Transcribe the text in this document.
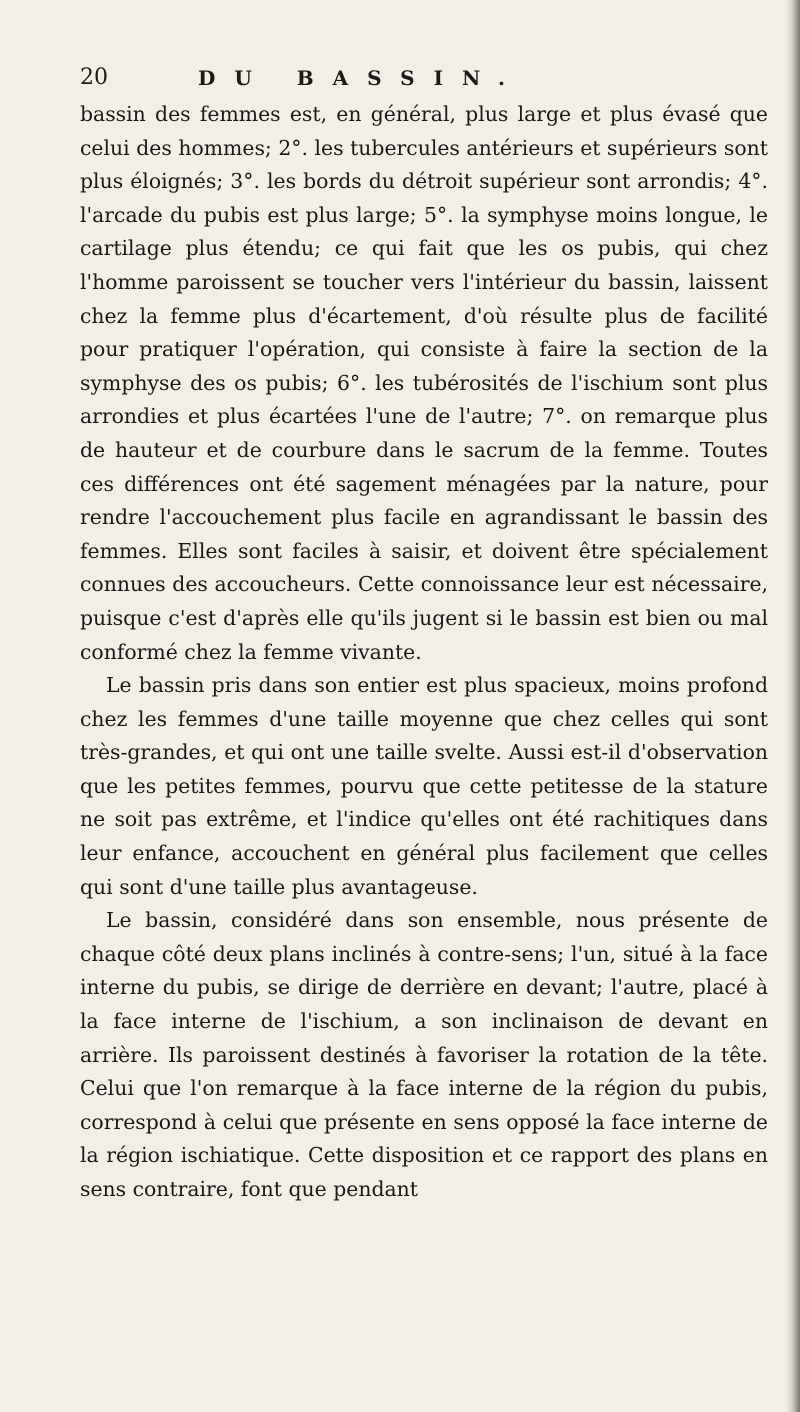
20	DU BASSIN.

bassin des femmes est, en général, plus large et plus évasé que celui des hommes; 2°. les tubercules antérieurs et supérieurs sont plus éloignés; 3°. les bords du détroit supérieur sont arrondis; 4°. l'arcade du pubis est plus large; 5°. la symphyse moins longue, le cartilage plus étendu; ce qui fait que les os pubis, qui chez l'homme paroissent se toucher vers l'intérieur du bassin, laissent chez la femme plus d'écartement, d'où résulte plus de facilité pour pratiquer l'opération, qui consiste à faire la section de la symphyse des os pubis; 6°. les tubérosités de l'ischium sont plus arrondies et plus écartées l'une de l'autre; 7°. on remarque plus de hauteur et de courbure dans le sacrum de la femme. Toutes ces différences ont été sagement ménagées par la nature, pour rendre l'accouchement plus facile en agrandissant le bassin des femmes. Elles sont faciles à saisir, et doivent être spécialement connues des accoucheurs. Cette connoissance leur est nécessaire, puisque c'est d'après elle qu'ils jugent si le bassin est bien ou mal conformé chez la femme vivante.

Le bassin pris dans son entier est plus spacieux, moins profond chez les femmes d'une taille moyenne que chez celles qui sont très-grandes, et qui ont une taille svelte. Aussi est-il d'observation que les petites femmes, pourvu que cette petitesse de la stature ne soit pas extrême, et l'indice qu'elles ont été rachitiques dans leur enfance, accouchent en général plus facilement que celles qui sont d'une taille plus avantageuse.

Le bassin, considéré dans son ensemble, nous présente de chaque côté deux plans inclinés à contre-sens; l'un, situé à la face interne du pubis, se dirige de derrière en devant; l'autre, placé à la face interne de l'ischium, a son inclinaison de devant en arrière. Ils paroissent destinés à favoriser la rotation de la tête. Celui que l'on remarque à la face interne de la région du pubis, correspond à celui que présente en sens opposé la face interne de la région ischiatique. Cette disposition et ce rapport des plans en sens contraire, font que pendant
